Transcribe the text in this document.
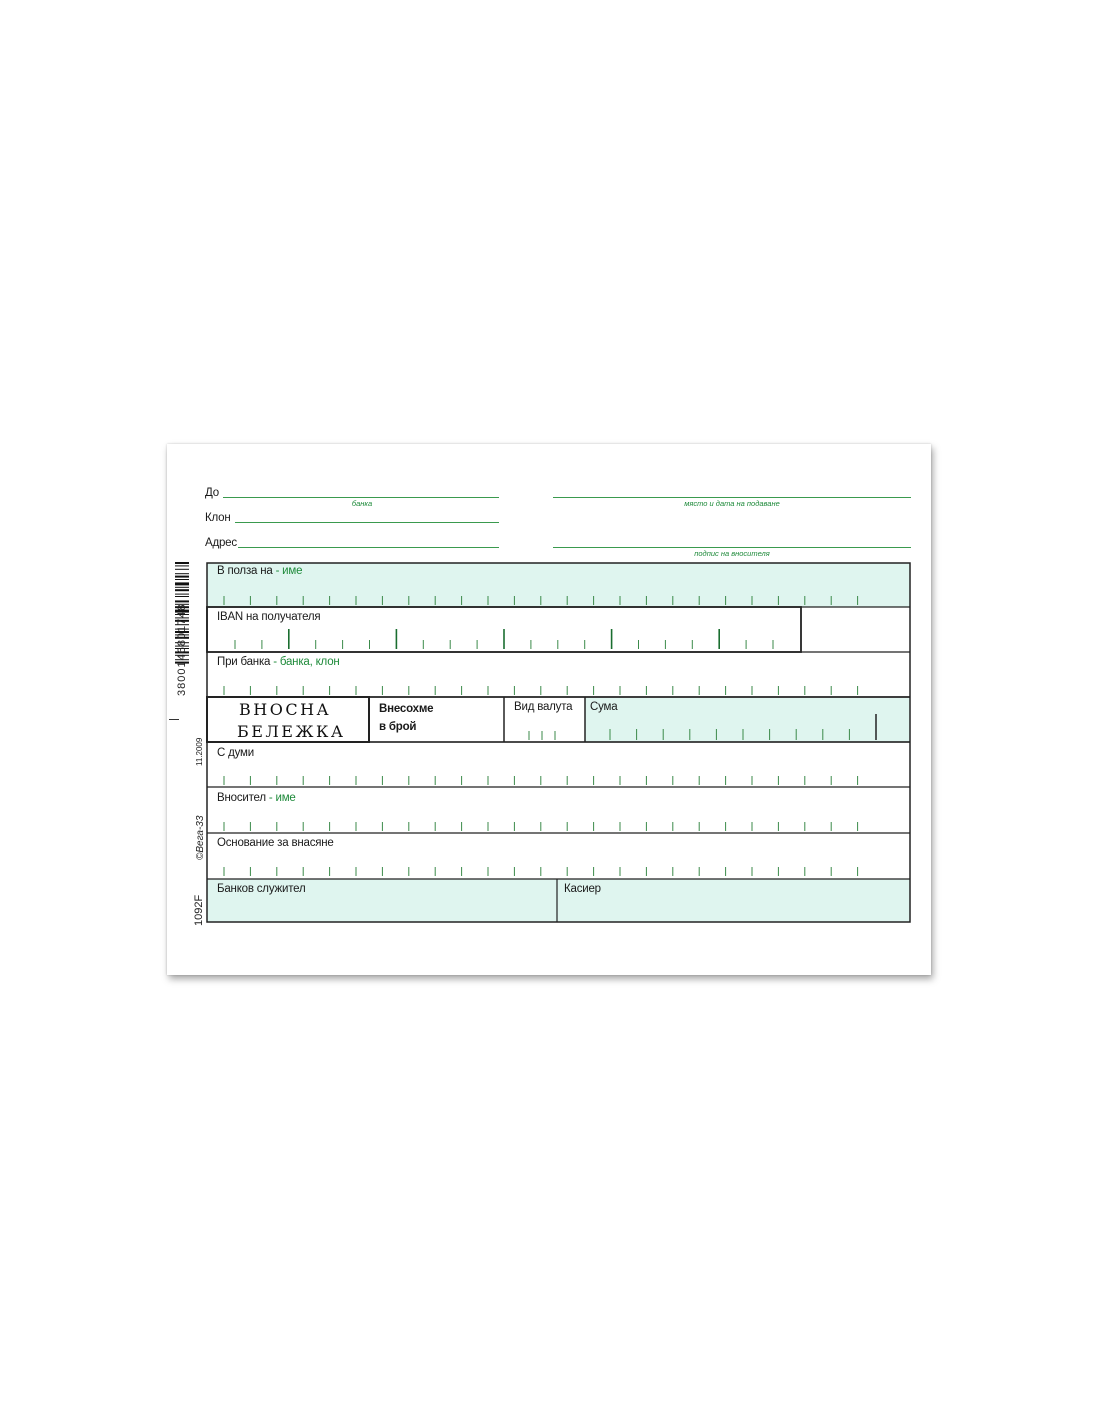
До
банка
Клон
Адрес
място и дата на подаване
подпис на вносителя
В полза на - име
IBAN на получателя
При банка - банка, клон
ВНОСНА
БЕЛЕЖКА
Внесохме
в брой
Вид валута Сума
С думи
Вносител - име
Основание за внасяне
Банков служител	Касиер
3800146801748
11.2009
©Вега-33
1092F
